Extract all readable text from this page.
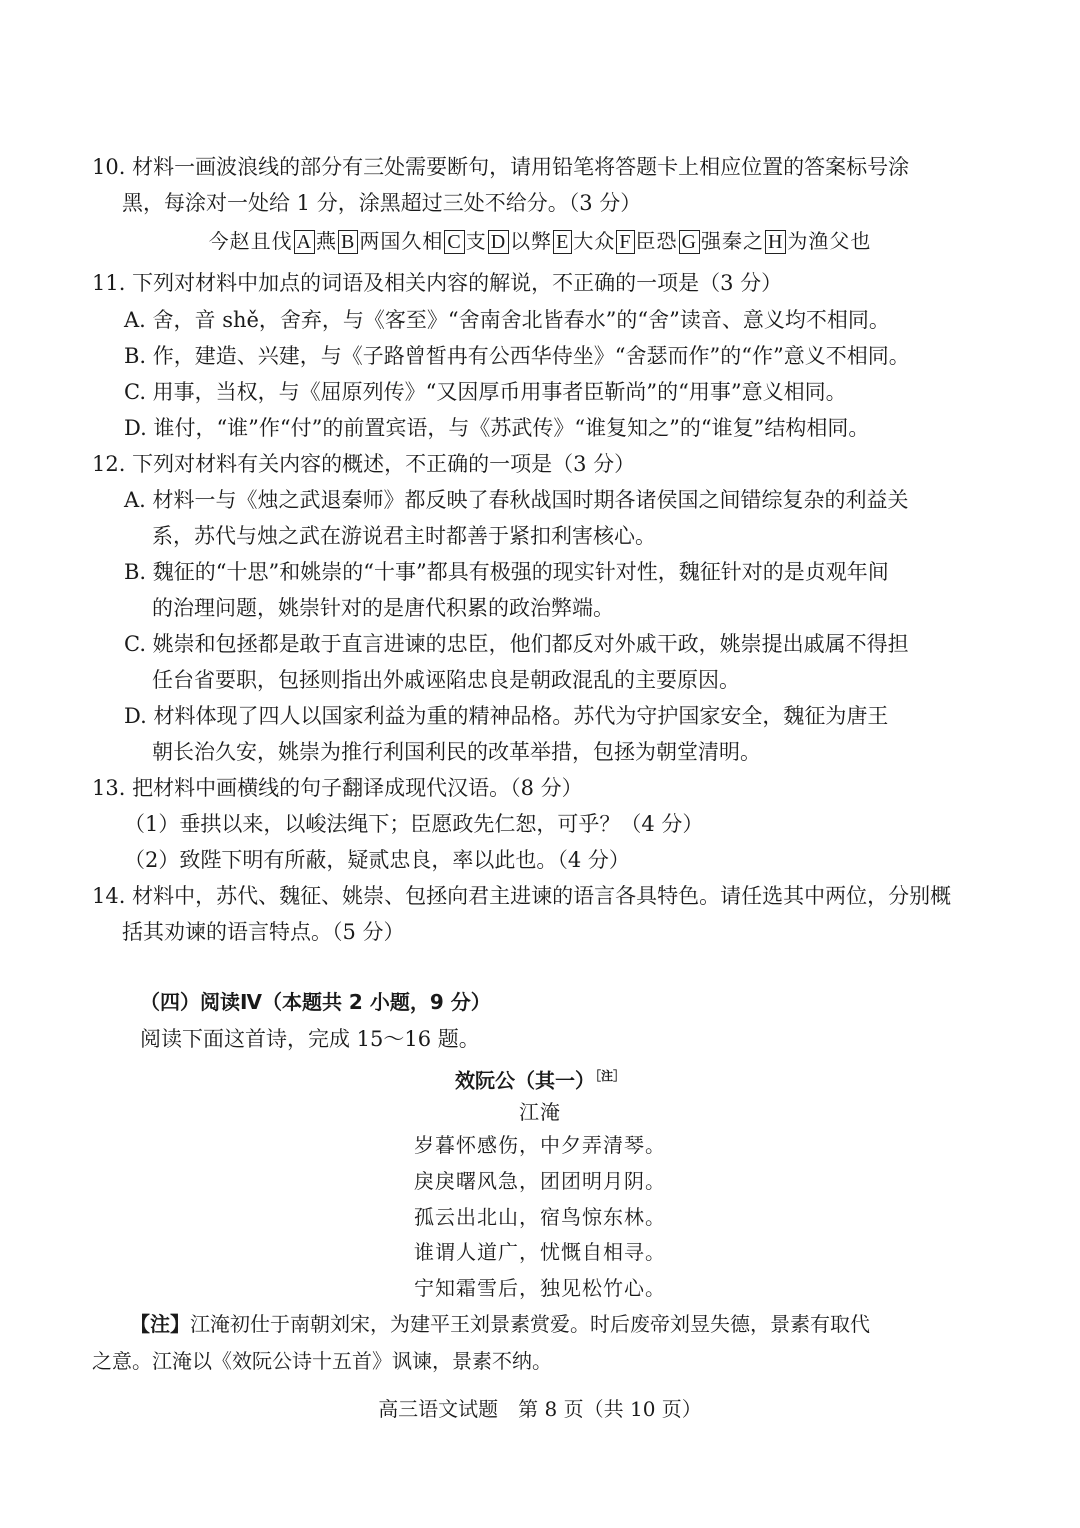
10. 材料一画波浪线的部分有三处需要断句，请用铅笔将答题卡上相应位置的答案标号涂
黑，每涂对一处给 1 分，涂黑超过三处不给分。（3 分）
今赵且伐 A 燕 B 两国久相 C 支 D 以弊 E 大众 F 臣恐 G 强秦之 H 为渔父也
11. 下列对材料中加点的词语及相关内容的解说，不正确的一项是（3 分）
A. 舍，音 shě，舍弃，与《客至》“舍南舍北皆春水”的“舍”读音、意义均不相同。
B. 作，建造、兴建，与《子路曾皙冉有公西华侍坐》“舍瑟而作”的“作”意义不相同。
C. 用事，当权，与《屈原列传》“又因厚币用事者臣靳尚”的“用事”意义相同。
D. 谁付，“谁”作“付”的前置宾语，与《苏武传》“谁复知之”的“谁复”结构相同。
12. 下列对材料有关内容的概述，不正确的一项是（3 分）
A. 材料一与《烛之武退秦师》都反映了春秋战国时期各诸侯国之间错综复杂的利益关
系，苏代与烛之武在游说君主时都善于紧扣利害核心。
B. 魏征的“十思”和姚崇的“十事”都具有极强的现实针对性，魏征针对的是贞观年间
的治理问题，姚崇针对的是唐代积累的政治弊端。
C. 姚崇和包拯都是敢于直言进谏的忠臣，他们都反对外戚干政，姚崇提出戚属不得担
任台省要职，包拯则指出外戚诬陷忠良是朝政混乱的主要原因。
D. 材料体现了四人以国家利益为重的精神品格。苏代为守护国家安全，魏征为唐王
朝长治久安，姚崇为推行利国利民的改革举措，包拯为朝堂清明。
13. 把材料中画横线的句子翻译成现代汉语。（8 分）
（1）垂拱以来，以峻法绳下；臣愿政先仁恕，可乎？（4 分）
（2）致陛下明有所蔽，疑贰忠良，率以此也。（4 分）
14. 材料中，苏代、魏征、姚崇、包拯向君主进谏的语言各具特色。请任选其中两位，分别概
括其劝谏的语言特点。（5 分）
（四）阅读Ⅳ（本题共 2 小题，9 分）
阅读下面这首诗，完成 15～16 题。
效阮公（其一）$^{[注]}$
江淹
岁暮怀感伤，中夕弄清琴。
戾戾曙风急，团团明月阴。
孤云出北山，宿鸟惊东林。
谁谓人道广，忧慨自相寻。
宁知霜雪后，独见松竹心。
【注】江淹初仕于南朝刘宋，为建平王刘景素赏爱。时后废帝刘昱失德，景素有取代
之意。江淹以《效阮公诗十五首》讽谏，景素不纳。
高三语文试题　第 8 页（共 10 页）
